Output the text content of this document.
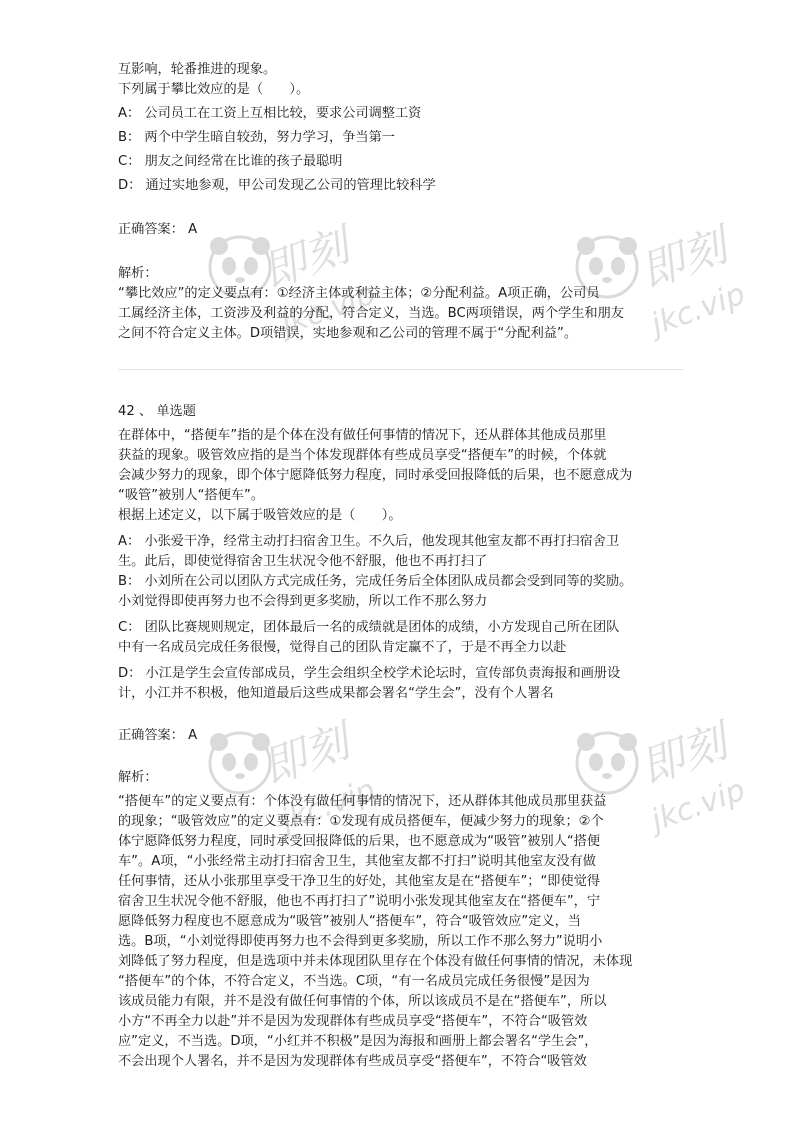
即刻
jkc.vip
即刻
jkc.vip
即刻
jkc.vip
即刻
jkc.vip

互影响，轮番推进的现象。

下列属于攀比效应的是（　　）。

A： 公司员工在工资上互相比较，要求公司调整工资

B： 两个中学生暗自较劲，努力学习，争当第一

C： 朋友之间经常在比谁的孩子最聪明

D： 通过实地参观，甲公司发现乙公司的管理比较科学

正确答案： A

解析：

“攀比效应”的定义要点有：①经济主体或利益主体；②分配利益。A项正确，公司员

工属经济主体，工资涉及利益的分配，符合定义，当选。BC两项错误，两个学生和朋友

之间不符合定义主体。D项错误，实地参观和乙公司的管理不属于“分配利益”。

42 、 单选题

在群体中，“搭便车”指的是个体在没有做任何事情的情况下，还从群体其他成员那里

获益的现象。吸管效应指的是当个体发现群体有些成员享受“搭便车”的时候，个体就

会减少努力的现象，即个体宁愿降低努力程度，同时承受回报降低的后果，也不愿意成为

“吸管”被别人“搭便车”。

根据上述定义，以下属于吸管效应的是（　　）。

A： 小张爱干净，经常主动打扫宿舍卫生。不久后，他发现其他室友都不再打扫宿舍卫

生。此后，即使觉得宿舍卫生状况令他不舒服，他也不再打扫了

B： 小刘所在公司以团队方式完成任务，完成任务后全体团队成员都会受到同等的奖励。

小刘觉得即使再努力也不会得到更多奖励，所以工作不那么努力

C： 团队比赛规则规定，团体最后一名的成绩就是团体的成绩，小方发现自己所在团队

中有一名成员完成任务很慢，觉得自己的团队肯定赢不了，于是不再全力以赴

D： 小江是学生会宣传部成员，学生会组织全校学术论坛时，宣传部负责海报和画册设

计，小江并不积极，他知道最后这些成果都会署名“学生会”，没有个人署名

正确答案： A

解析：

“搭便车”的定义要点有：个体没有做任何事情的情况下，还从群体其他成员那里获益

的现象；“吸管效应”的定义要点有：①发现有成员搭便车，便减少努力的现象；②个

体宁愿降低努力程度，同时承受回报降低的后果，也不愿意成为“吸管”被别人“搭便

车”。A项，“小张经常主动打扫宿舍卫生，其他室友都不打扫”说明其他室友没有做

任何事情，还从小张那里享受干净卫生的好处，其他室友是在“搭便车”；“即使觉得

宿舍卫生状况令他不舒服，他也不再打扫了”说明小张发现其他室友在“搭便车”，宁

愿降低努力程度也不愿意成为“吸管”被别人“搭便车”，符合“吸管效应”定义，当

选。B项，“小刘觉得即使再努力也不会得到更多奖励，所以工作不那么努力”说明小

刘降低了努力程度，但是选项中并未体现团队里存在个体没有做任何事情的情况，未体现

“搭便车”的个体，不符合定义，不当选。C项，“有一名成员完成任务很慢”是因为

该成员能力有限，并不是没有做任何事情的个体，所以该成员不是在“搭便车”，所以

小方“不再全力以赴”并不是因为发现群体有些成员享受“搭便车”，不符合“吸管效

应”定义，不当选。D项，“小红并不积极”是因为海报和画册上都会署名“学生会”，

不会出现个人署名，并不是因为发现群体有些成员享受“搭便车”，不符合“吸管效
